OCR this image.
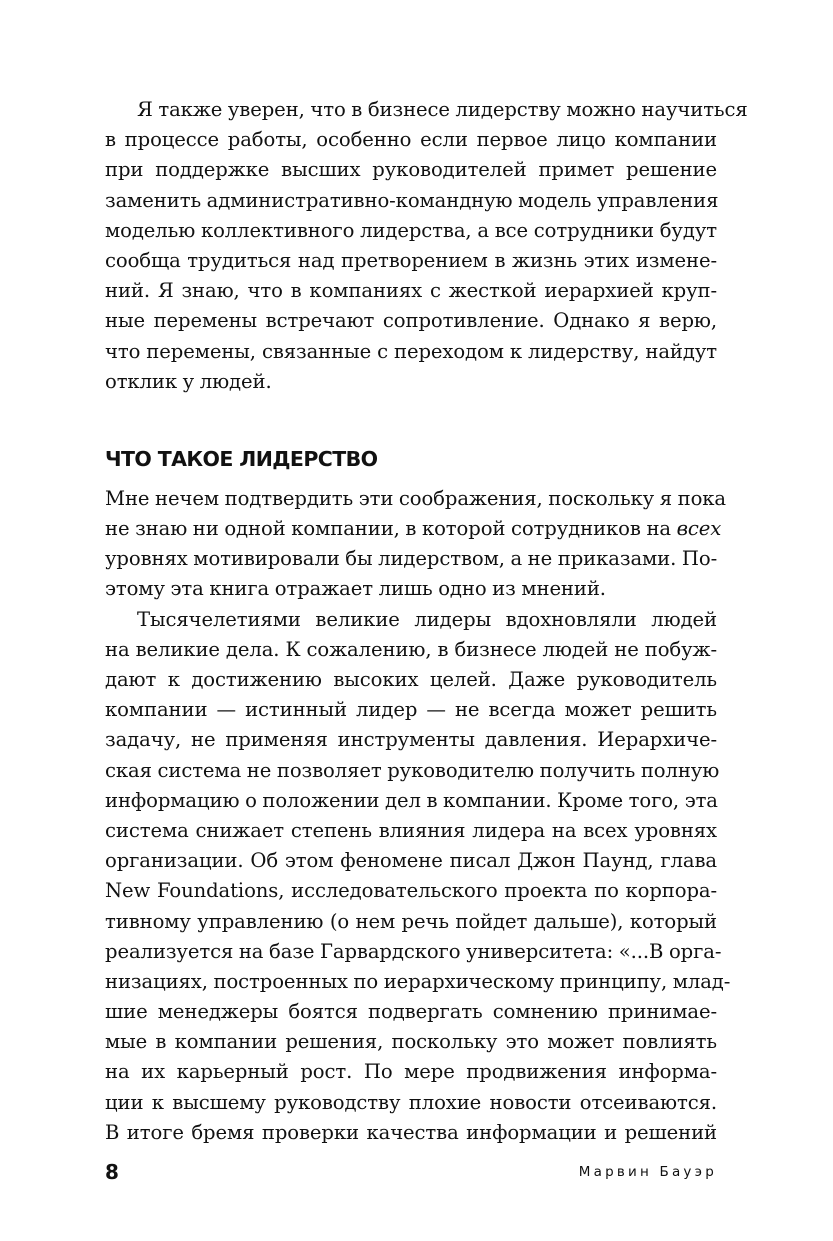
Я также уверен, что в бизнесе лидерству можно научиться
в процессе работы, особенно если первое лицо компании
при поддержке высших руководителей примет решение
заменить административно-командную модель управления
моделью коллективного лидерства, а все сотрудники будут
сообща трудиться над претворением в жизнь этих измене-
ний. Я знаю, что в компаниях с жесткой иерархией круп-
ные перемены встречают сопротивление. Однако я верю,
что перемены, связанные с переходом к лидерству, найдут
отклик у людей.
ЧТО ТАКОЕ ЛИДЕРСТВО
Мне нечем подтвердить эти соображения, поскольку я пока
не знаю ни одной компании, в которой сотрудников на всех
уровнях мотивировали бы лидерством, а не приказами. По-
этому эта книга отражает лишь одно из мнений.
Тысячелетиями великие лидеры вдохновляли людей
на великие дела. К сожалению, в бизнесе людей не побуж-
дают к достижению высоких целей. Даже руководитель
компании — истинный лидер — не всегда может решить
задачу, не применяя инструменты давления. Иерархиче-
ская система не позволяет руководителю получить полную
информацию о положении дел в компании. Кроме того, эта
система снижает степень влияния лидера на всех уровнях
организации. Об этом феномене писал Джон Паунд, глава
New Foundations, исследовательского проекта по корпора-
тивному управлению (о нем речь пойдет дальше), который
реализуется на базе Гарвардского университета: «...В орга-
низациях, построенных по иерархическому принципу, млад-
шие менеджеры боятся подвергать сомнению принимае-
мые в компании решения, поскольку это может повлиять
на их карьерный рост. По мере продвижения информа-
ции к высшему руководству плохие новости отсеиваются.
В итоге бремя проверки качества информации и решений
8	Марвин Бауэр
